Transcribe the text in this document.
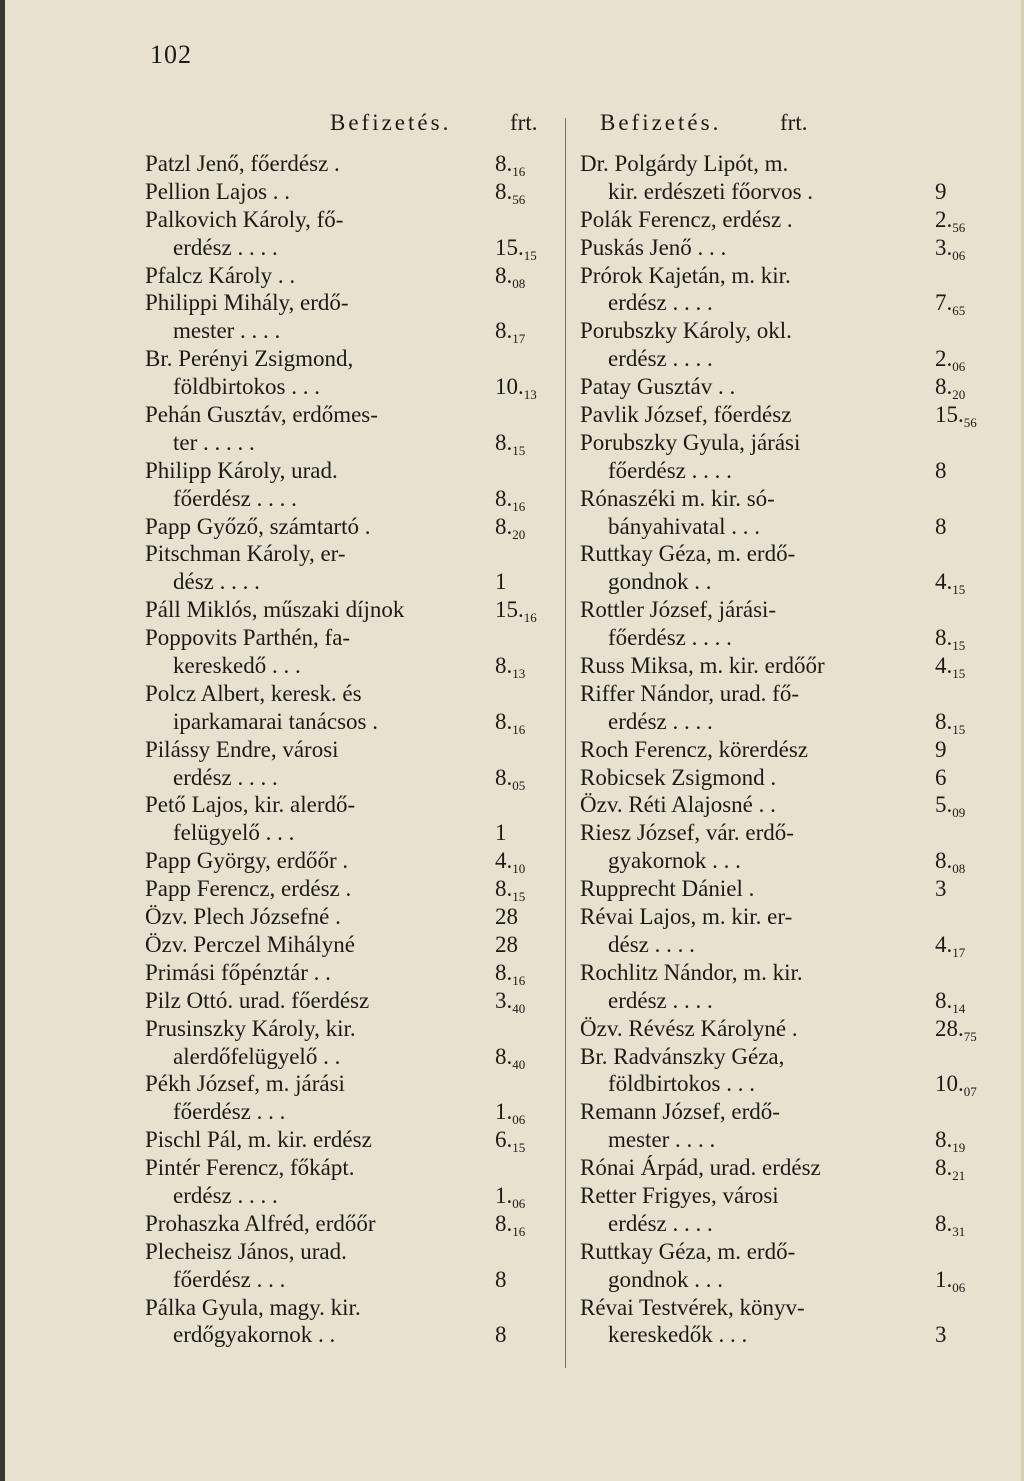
102
Befizetés.	frt.
Patzl Jenő, főerdész .	$8._{16}$
Pellion Lajos . .	$8._{56}$
Palkovich Károly, fő-
erdész . . . .	$15._{15}$
Pfalcz Károly . .	$8._{08}$
Philippi Mihály, erdő-
mester . . . .	$8._{17}$
Br. Perényi Zsigmond,
földbirtokos . . .	$10._{13}$
Pehán Gusztáv, erdőmes-
ter . . . . .	$8._{15}$
Philipp Károly, urad.
főerdész . . . .	$8._{16}$
Papp Győző, számtartó .	$8._{20}$
Pitschman Károly, er-
dész . . . .	1
Páll Miklós, műszaki díjnok	$15._{16}$
Poppovits Parthén, fa-
kereskedő . . .	$8._{13}$
Polcz Albert, keresk. és
iparkamarai tanácsos .	$8._{16}$
Pilássy Endre, városi
erdész . . . .	$8._{05}$
Pető Lajos, kir. alerdő-
felügyelő . . .	1
Papp György, erdőőr .	$4._{10}$
Papp Ferencz, erdész .	$8._{15}$
Özv. Plech Józsefné .	28
Özv. Perczel Mihályné	28
Primási főpénztár . .	$8._{16}$
Pilz Ottó. urad. főerdész	$3._{40}$
Prusinszky Károly, kir.
alerdőfelügyelő . .	$8._{40}$
Pékh József, m. járási
főerdész . . .	$1._{06}$
Pischl Pál, m. kir. erdész	$6._{15}$
Pintér Ferencz, főkápt.
erdész . . . .	$1._{06}$
Prohaszka Alfréd, erdőőr	$8._{16}$
Plecheisz János, urad.
főerdész . . .	8
Pálka Gyula, magy. kir.
erdőgyakornok . .	8
Befizetés.	frt.
Dr. Polgárdy Lipót, m.
kir. erdészeti főorvos .	9
Polák Ferencz, erdész .	$2._{56}$
Puskás Jenő . . .	$3._{06}$
Prórok Kajetán, m. kir.
erdész . . . .	$7._{65}$
Porubszky Károly, okl.
erdész . . . .	$2._{06}$
Patay Gusztáv . .	$8._{20}$
Pavlik József, főerdész	$15._{56}$
Porubszky Gyula, járási
főerdész . . . .	8
Rónaszéki m. kir. só-
bányahivatal . . .	8
Ruttkay Géza, m. erdő-
gondnok . .	$4._{15}$
Rottler József, járási-
főerdész . . . .	$8._{15}$
Russ Miksa, m. kir. erdőőr	$4._{15}$
Riffer Nándor, urad. fő-
erdész . . . .	$8._{15}$
Roch Ferencz, körerdész	9
Robicsek Zsigmond .	6
Özv. Réti Alajosné . .	$5._{09}$
Riesz József, vár. erdő-
gyakornok . . .	$8._{08}$
Rupprecht Dániel .	3
Révai Lajos, m. kir. er-
dész . . . .	$4._{17}$
Rochlitz Nándor, m. kir.
erdész . . . .	$8._{14}$
Özv. Révész Károlyné .	$28._{75}$
Br. Radvánszky Géza,
földbirtokos . . .	$10._{07}$
Remann József, erdő-
mester . . . .	$8._{19}$
Rónai Árpád, urad. erdész	$8._{21}$
Retter Frigyes, városi
erdész . . . .	$8._{31}$
Ruttkay Géza, m. erdő-
gondnok . . .	$1._{06}$
Révai Testvérek, könyv-
kereskedők . . .	3
